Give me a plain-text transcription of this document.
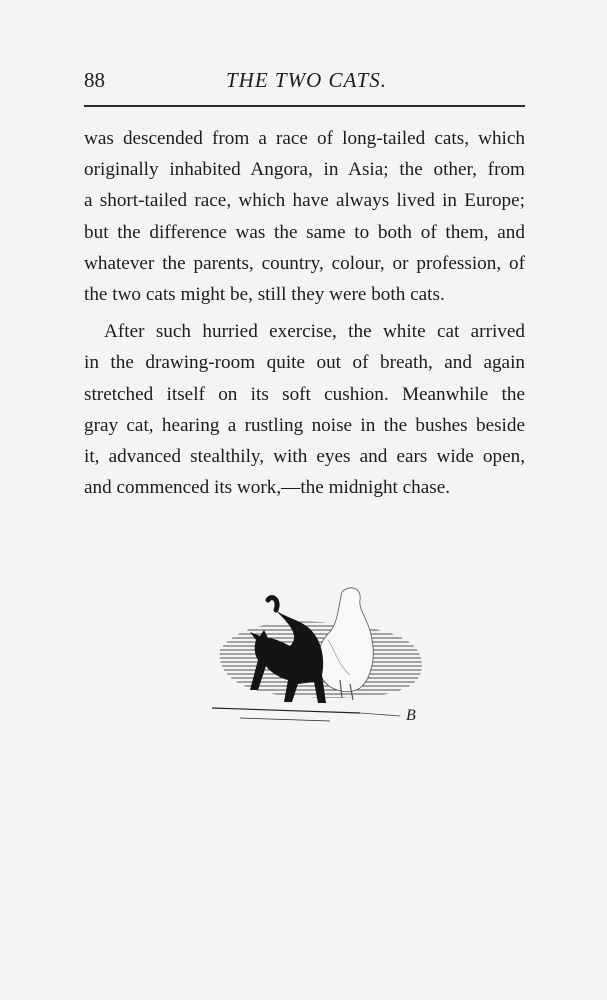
88	THE TWO CATS.

was descended from a race of long-tailed cats, which
originally inhabited Angora, in Asia; the other, from
a short-tailed race, which have always lived in Europe;
but the difference was the same to both of them, and
whatever the parents, country, colour, or profession, of
the two cats might be, still they were both cats.

After such hurried exercise, the white cat arrived
in the drawing-room quite out of breath, and again
stretched itself on its soft cushion. Meanwhile the
gray cat, hearing a rustling noise in the bushes beside
it, advanced stealthily, with eyes and ears wide open,
and commenced its work,—the midnight chase.

B
